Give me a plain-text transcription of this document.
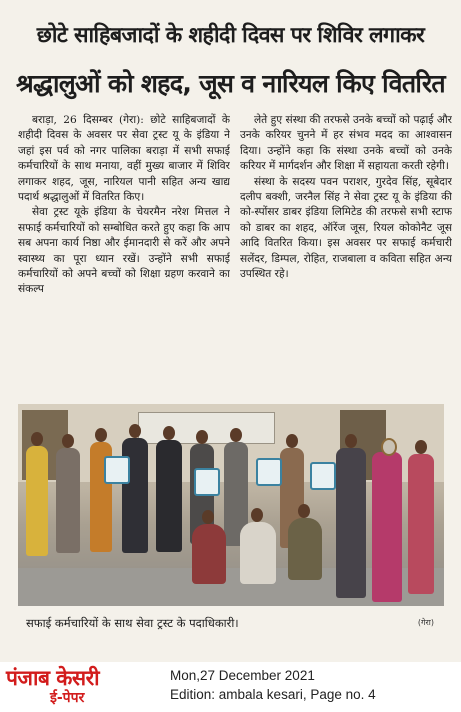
छोटे साहिबजादों के शहीदी दिवस पर शिविर लगाकर
श्रद्धालुओं को शहद, जूस व नारियल किए वितरित

बराड़ा, 26 दिसम्बर (गेरा): छोटे साहिबजादों के शहीदी दिवस के अवसर पर सेवा ट्रस्ट यू के इंडिया ने जहां इस पर्व को नगर पालिका बराड़ा में सभी सफाई कर्मचारियों के साथ मनाया, वहीं मुख्य बाजार में शिविर लगाकर शहद, जूस, नारियल पानी सहित अन्य खाद्य पदार्थ श्रद्धालुओं में वितरित किए।

सेवा ट्रस्ट यूके इंडिया के चेयरमैन नरेश मित्तल ने सफाई कर्मचारियों को सम्बोधित करते हुए कहा कि आप सब अपना कार्य निष्ठा और ईमानदारी से करें और अपने स्वास्थ्य का पूरा ध्यान रखें। उन्होंने सभी सफाई कर्मचारियों को अपने बच्चों को शिक्षा ग्रहण करवाने का संकल्प

लेते हुए संस्था की तरफसे उनके बच्चों को पढ़ाई और उनके करियर चुनने में हर संभव मदद का आश्वासन दिया। उन्होंने कहा कि संस्था उनके बच्चों को उनके करियर में मार्गदर्शन और शिक्षा में सहायता करती रहेगी।

संस्था के सदस्य पवन पराशर, गुरदेव सिंह, सूबेदार दलीप बक्शी, जरनैल सिंह ने सेवा ट्रस्ट यू के इंडिया की को-स्पोंसर डाबर इंडिया लिमिटेड की तरफसे सभी स्टाफ को डाबर का शहद, ऑरेंज जूस, रियल कोकोनैट जूस आदि वितरित किया। इस अवसर पर सफाई कर्मचारी सलेंदर, डिम्पल, रोहित, राजबाला व कविता सहित अन्य उपस्थित रहे।

सफाई कर्मचारियों के साथ सेवा ट्रस्ट के पदाधिकारी।	(गेरा)
पंजाब केसरी
ई-पेपर
Mon,27 December 2021
Edition: ambala kesari, Page no. 4
